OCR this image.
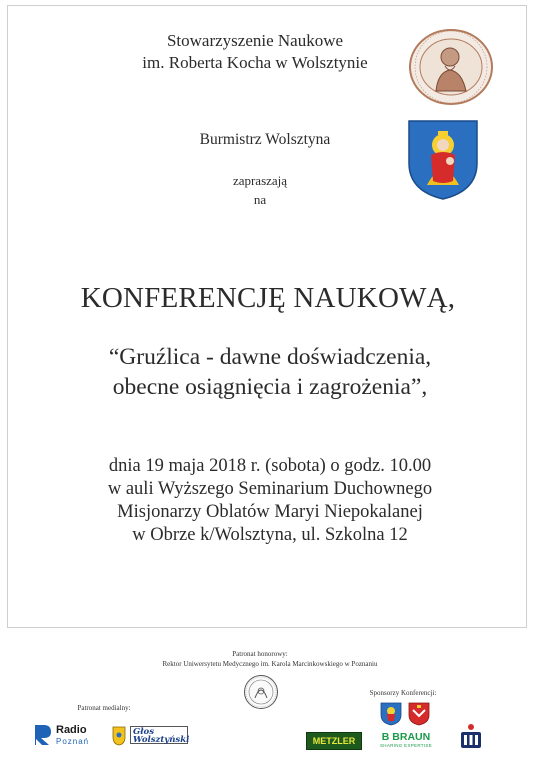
Stowarzyszenie Naukowe
im. Roberta Kocha w Wolsztynie
Burmistrz Wolsztyna
zapraszają
na
KONFERENCJĘ NAUKOWĄ,
“Gruźlica - dawne doświadczenia,
obecne osiągnięcia i zagrożenia”,
dnia 19 maja 2018 r. (sobota) o godz. 10.00
w auli Wyższego Seminarium Duchownego
Misjonarzy Oblatów Maryi Niepokalanej
w Obrze k/Wolsztyna, ul. Szkolna 12
Patronat honorowy:
Rektor Uniwersytetu Medycznego im. Karola Marcinkowskiego w Poznaniu
Patronat medialny:
Sponsorzy Konferencji:
Radio
Poznań
Głos Wolsztyński	METZLER	B BRAUN
SHARING EXPERTISE
